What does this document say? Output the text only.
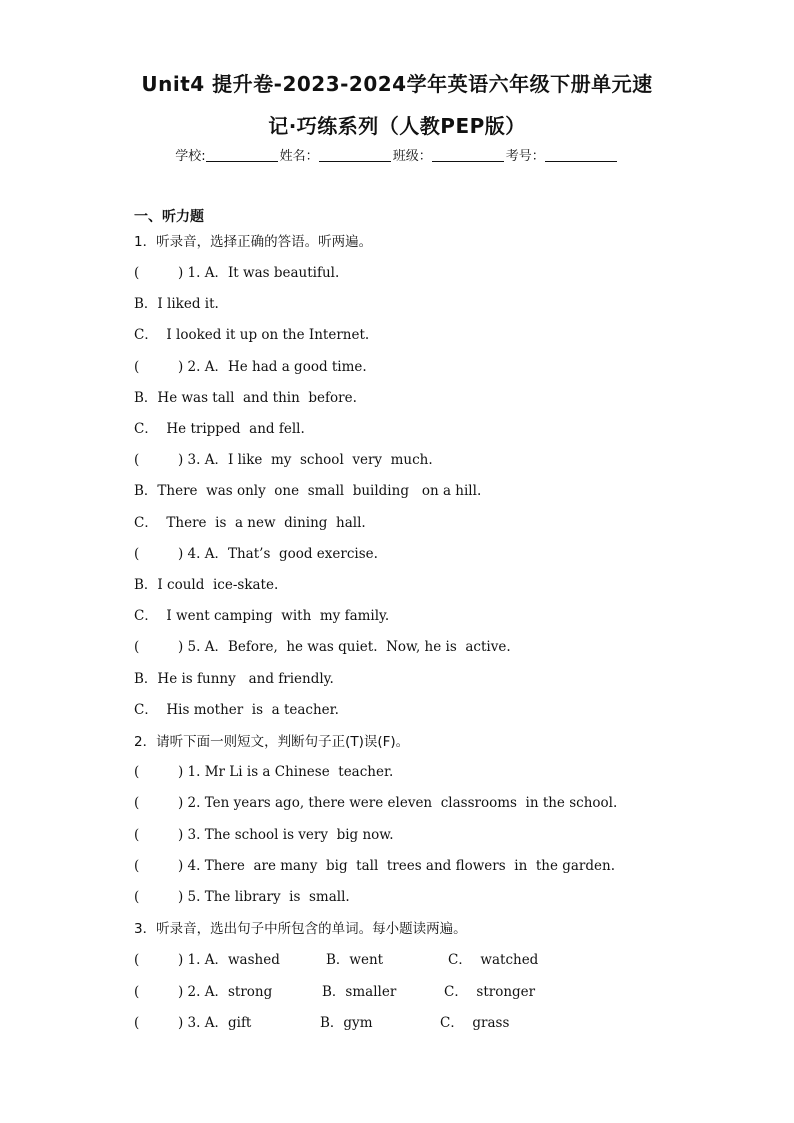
Unit4 提升卷-2023-2024学年英语六年级下册单元速
记·巧练系列（人教PEP版）
学校:	姓名：	班级：	考号：
一、听力题
1．听录音，选择正确的答语。听两遍。
(	) 1. A．It was beautiful.
B．I liked it.
C．  I looked it up on the Internet.
(	) 2. A．He had a good time.
B．He was tall  and thin  before.
C．  He tripped  and fell.
(	) 3. A．I like  my  school  very  much.
B．There  was only  one  small  building   on a hill.
C．  There  is  a new  dining  hall.
(	) 4. A．That’s  good exercise.
B．I could  ice-skate.
C．  I went camping  with  my family.
(	) 5. A．Before,  he was quiet.  Now, he is  active.
B．He is funny   and friendly.
C．  His mother  is  a teacher.
2．请听下面一则短文，判断句子正(T)误(F)。
(	) 1. Mr Li is a Chinese  teacher.
(	) 2. Ten years ago, there were eleven  classrooms  in the school.
(	) 3. The school is very  big now.
(	) 4. There  are many  big  tall  trees and flowers  in  the garden.
(	) 5. The library  is  small.
3．听录音，选出句子中所包含的单词。每小题读两遍。
(	) 1. A．washed	B．went	C．  watched
(	) 2. A．strong	B．smaller	C．  stronger
(	) 3. A．gift	B．gym	C．  grass
